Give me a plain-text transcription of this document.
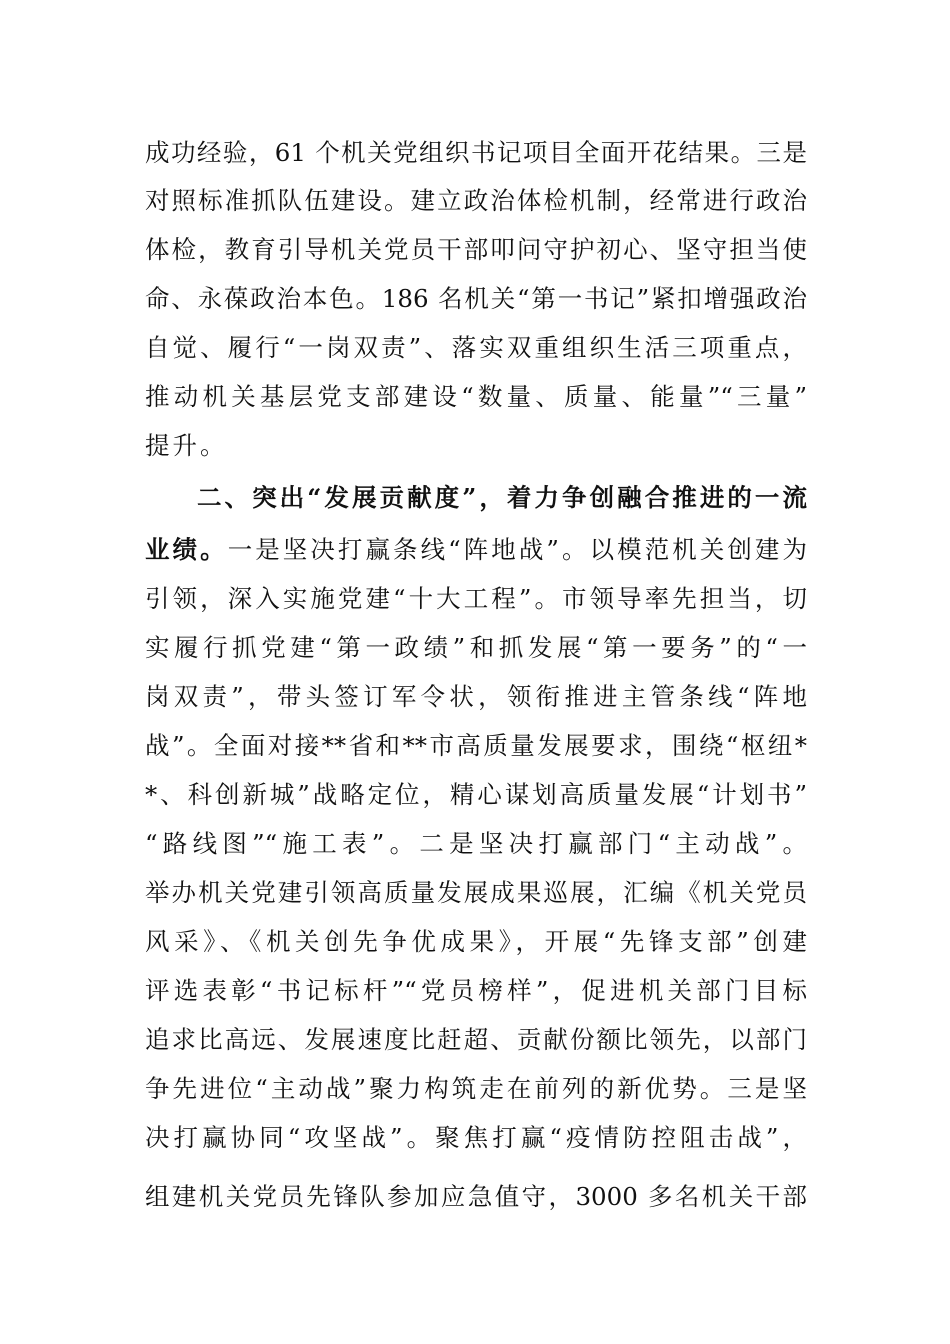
成功经验，61 个机关党组织书记项目全面开花结果。三是
对照标准抓队伍建设。建立政治体检机制，经常进行政治
体检，教育引导机关党员干部叩问守护初心、坚守担当使
命、永葆政治本色。186 名机关“第一书记”紧扣增强政治
自觉、履行“一岗双责”、落实双重组织生活三项重点，
推动机关基层党支部建设“数量、质量、能量”“三量”
提升。
二、突出“发展贡献度”，着力争创融合推进的一流
业绩。一是坚决打赢条线“阵地战”。以模范机关创建为
引领，深入实施党建“十大工程”。市领导率先担当，切
实履行抓党建“第一政绩”和抓发展“第一要务”的“一
岗双责”，带头签订军令状，领衔推进主管条线“阵地
战”。全面对接**省和**市高质量发展要求，围绕“枢纽*
*、科创新城”战略定位，精心谋划高质量发展“计划书”
“路线图”“施工表”。二是坚决打赢部门“主动战”。
举办机关党建引领高质量发展成果巡展，汇编《机关党员
风采》、《机关创先争优成果》，开展“先锋支部”创建
评选表彰“书记标杆”“党员榜样”，促进机关部门目标
追求比高远、发展速度比赶超、贡献份额比领先，以部门
争先进位“主动战”聚力构筑走在前列的新优势。三是坚
决打赢协同“攻坚战”。聚焦打赢“疫情防控阻击战”，
组建机关党员先锋队参加应急值守，3000 多名机关干部
